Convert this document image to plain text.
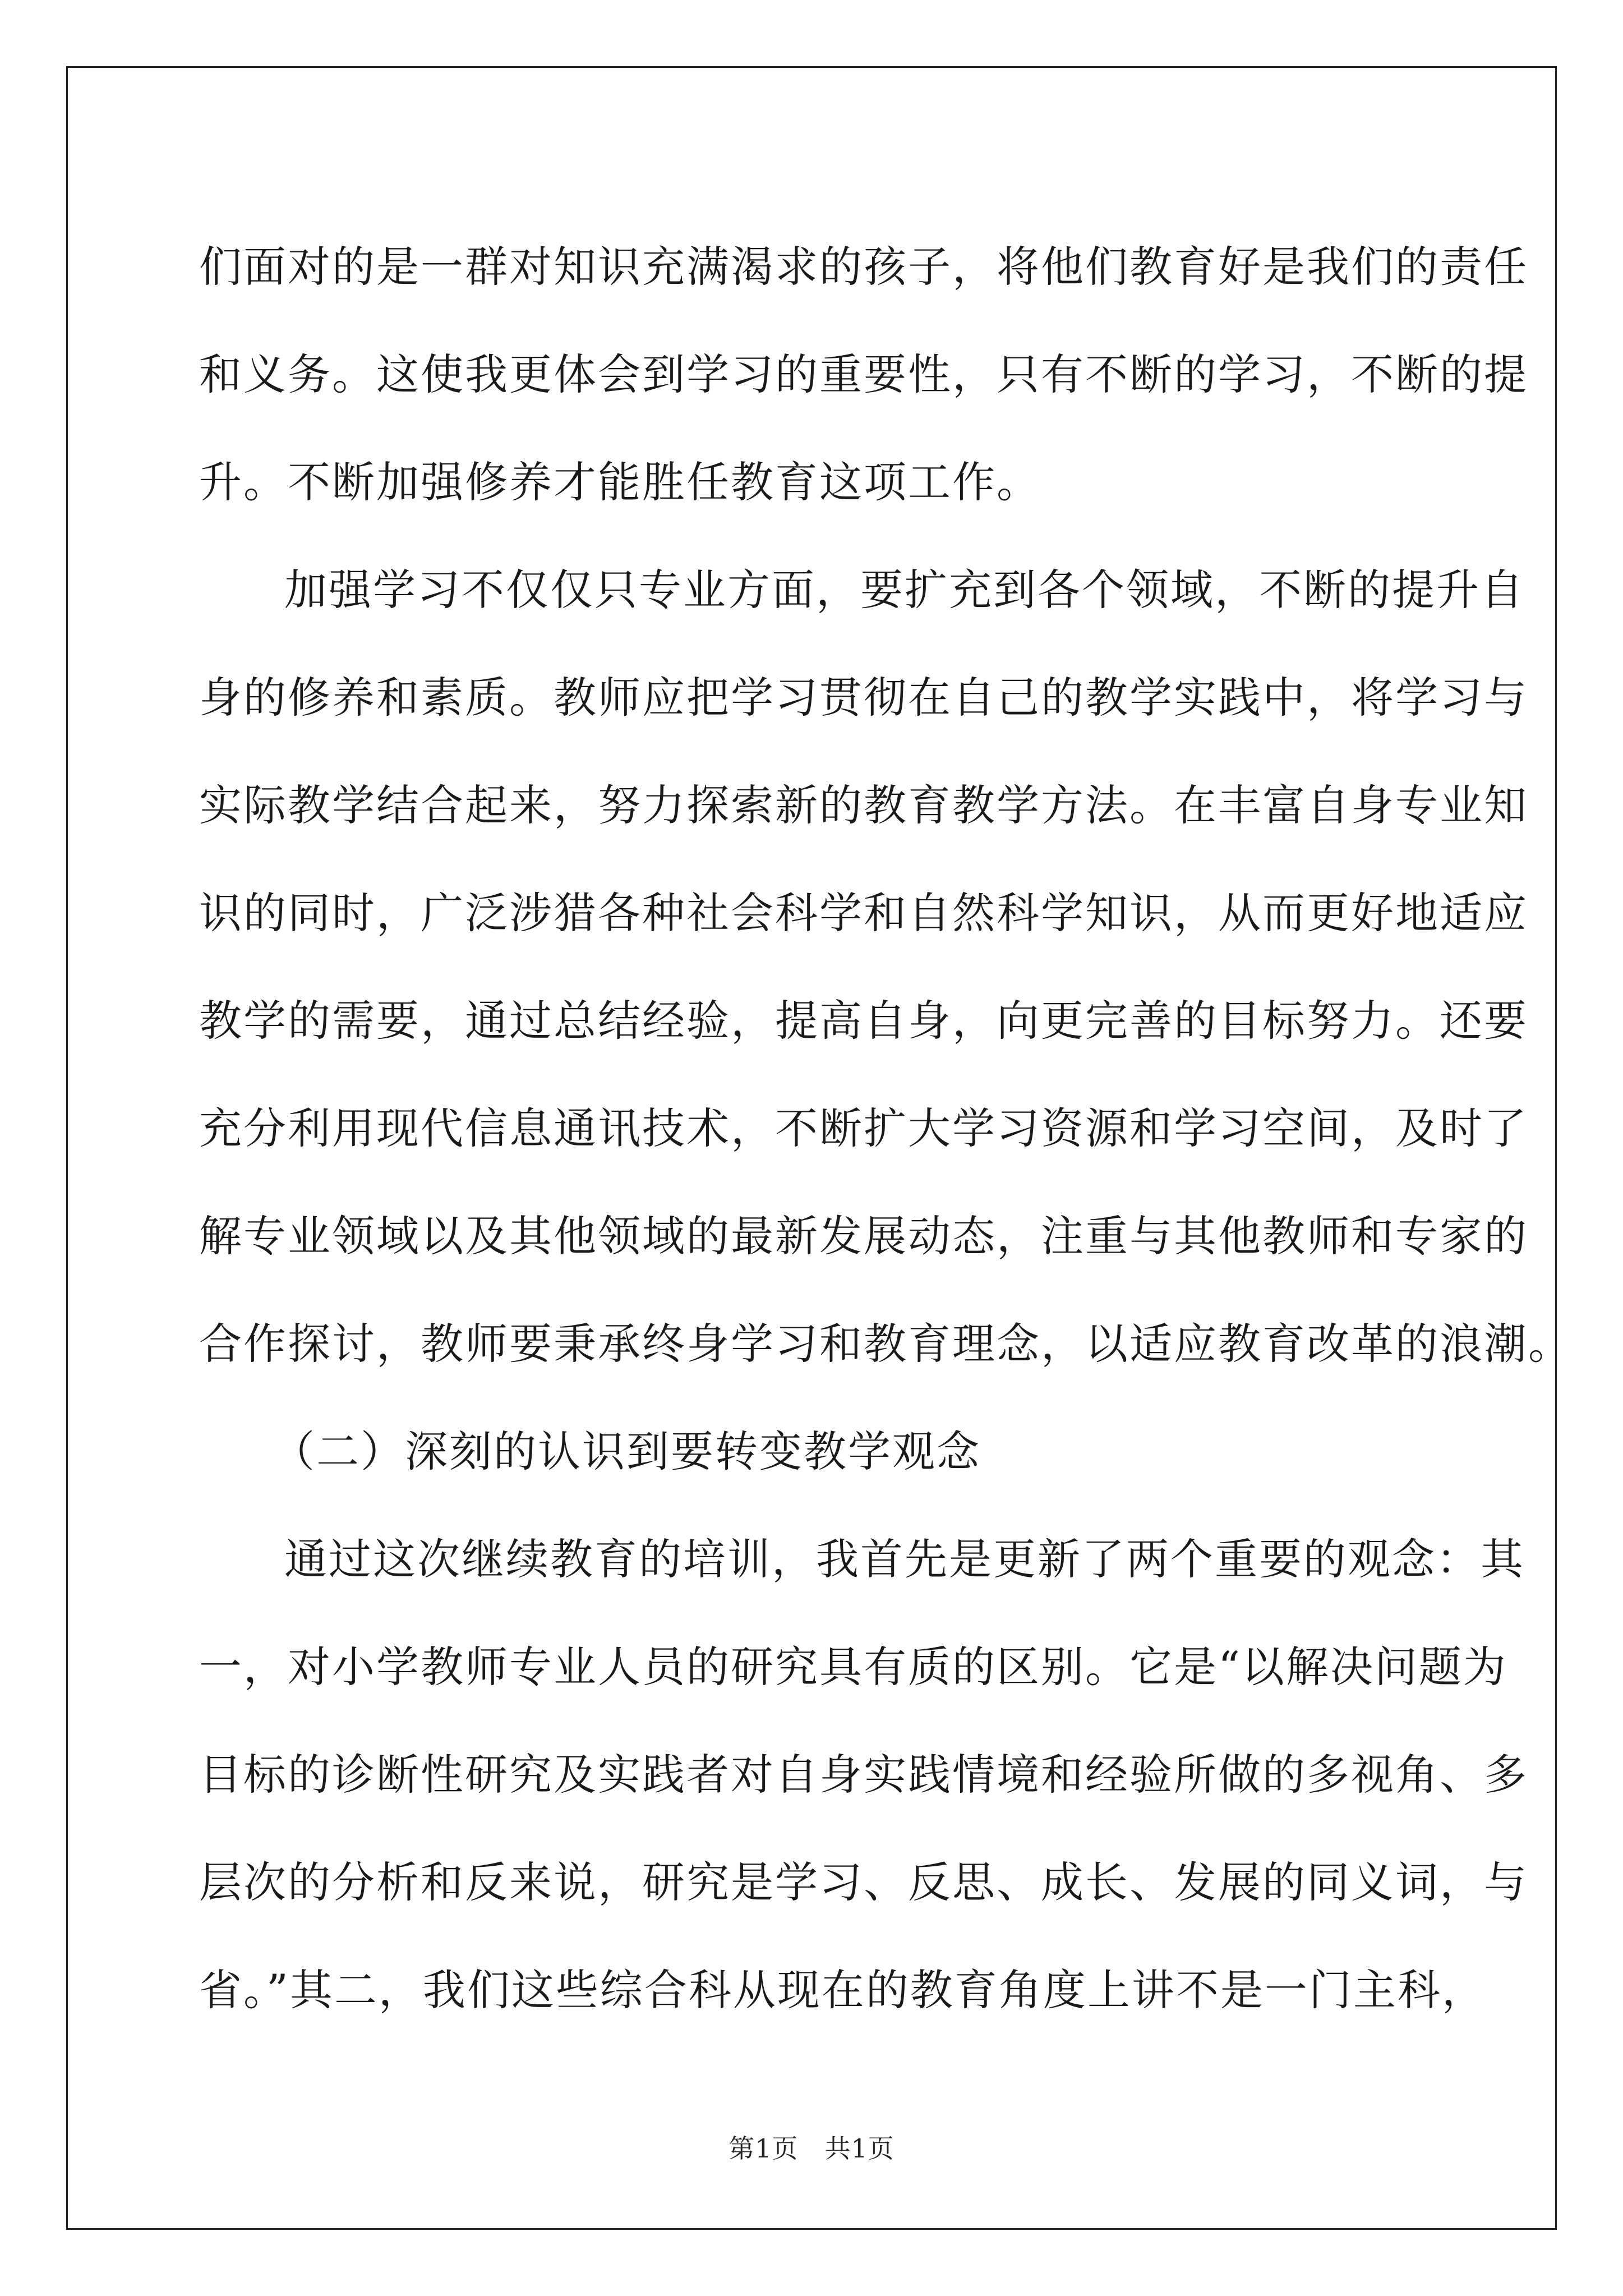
们面对的是一群对知识充满渴求的孩子，将他们教育好是我们的责任
和义务。这使我更体会到学习的重要性，只有不断的学习，不断的提
升。不断加强修养才能胜任教育这项工作。
加强学习不仅仅只专业方面，要扩充到各个领域，不断的提升自
身的修养和素质。教师应把学习贯彻在自己的教学实践中，将学习与
实际教学结合起来，努力探索新的教育教学方法。在丰富自身专业知
识的同时，广泛涉猎各种社会科学和自然科学知识，从而更好地适应
教学的需要，通过总结经验，提高自身，向更完善的目标努力。还要
充分利用现代信息通讯技术，不断扩大学习资源和学习空间，及时了
解专业领域以及其他领域的最新发展动态，注重与其他教师和专家的
合作探讨，教师要秉承终身学习和教育理念，以适应教育改革的浪潮。
（二）深刻的认识到要转变教学观念
通过这次继续教育的培训，我首先是更新了两个重要的观念：其
一，对小学教师专业人员的研究具有质的区别。它是“以解决问题为
目标的诊断性研究及实践者对自身实践情境和经验所做的多视角、多
层次的分析和反来说，研究是学习、反思、成长、发展的同义词，与
省。”其二，我们这些综合科从现在的教育角度上讲不是一门主科，
第1页　共1页
